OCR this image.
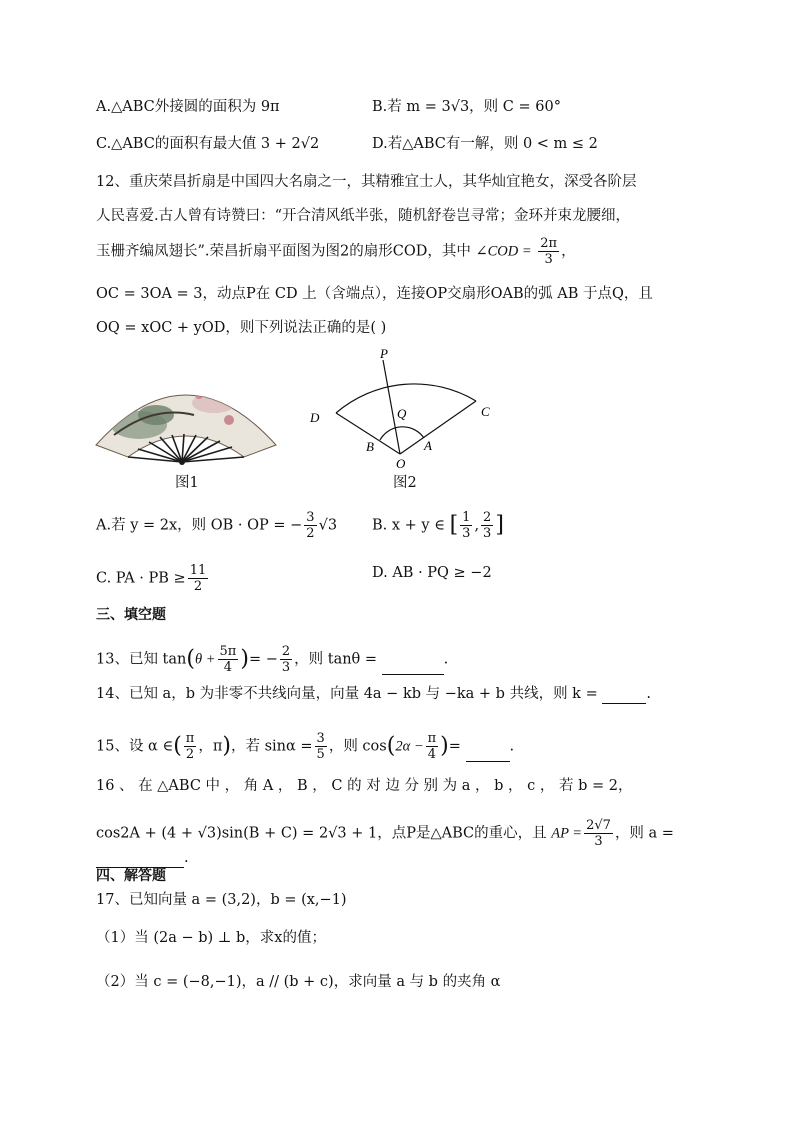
A.△ABC外接圆的面积为 9π	B.若 m = 3√3，则 C = 60°
C.△ABC的面积有最大值 3 + 2√2	D.若△ABC有一解，则 0 < m ≤ 2
12、重庆荣昌折扇是中国四大名扇之一，其精雅宜士人，其华灿宜艳女，深受各阶层
人民喜爱.古人曾有诗赞曰：“开合清风纸半张，随机舒卷岂寻常；金环并束龙腰细，
玉栅齐编凤翅长”.荣昌折扇平面图为图2的扇形COD，其中 ∠COD = $\frac{2\pi}{3}$ ，
OC = 3OA = 3，动点P在 CD 上（含端点），连接OP交扇形OAB的弧 AB 于点Q，且
OQ = xOC + yOD，则下列说法正确的是( )
图1
P
Q	C
D
A
B
O
图2
A.若 y = 2x，则 OB · OP = − $\frac{3}{2} √3$ B. x + y ∈ [ $\frac{1}{3}$ , $\frac{2}{3}$ ]
C. PA · PB ≥ $\frac{11}{2}$	D. AB · PQ ≥ −2
三、填空题
13、已知 $\tan(\theta + \frac{5\pi}{4}$ )= − $\frac{2}{3}$ ，则 tanθ =	.
14、已知 a，b 为非零不共线向量，向量 4a − kb 与 −ka + b 共线，则 k =	.
15、设 α ∈( $\frac{\pi}{2}$ ，π)，若 $\sin\alpha = \frac{3}{5}$ ，则 $\cos(2\alpha - \frac{\pi}{4}$ )=	.
16 、 在 △ABC 中 ， 角 A ， B ， C 的 对 边 分 别 为 a ， b ， c ， 若 b = 2，
cos2A + (4 + √3)sin(B + C) = 2√3 + 1，点P是△ABC的重心，且 AP = $\frac{2√7}{3}$ ，则 a =
.
四、解答题
17、已知向量 a = (3,2)，b = (x,−1)
（1）当 (2a − b) ⊥ b，求x的值；
（2）当 c = (−8,−1)，a // (b + c)，求向量 a 与 b 的夹角 α
